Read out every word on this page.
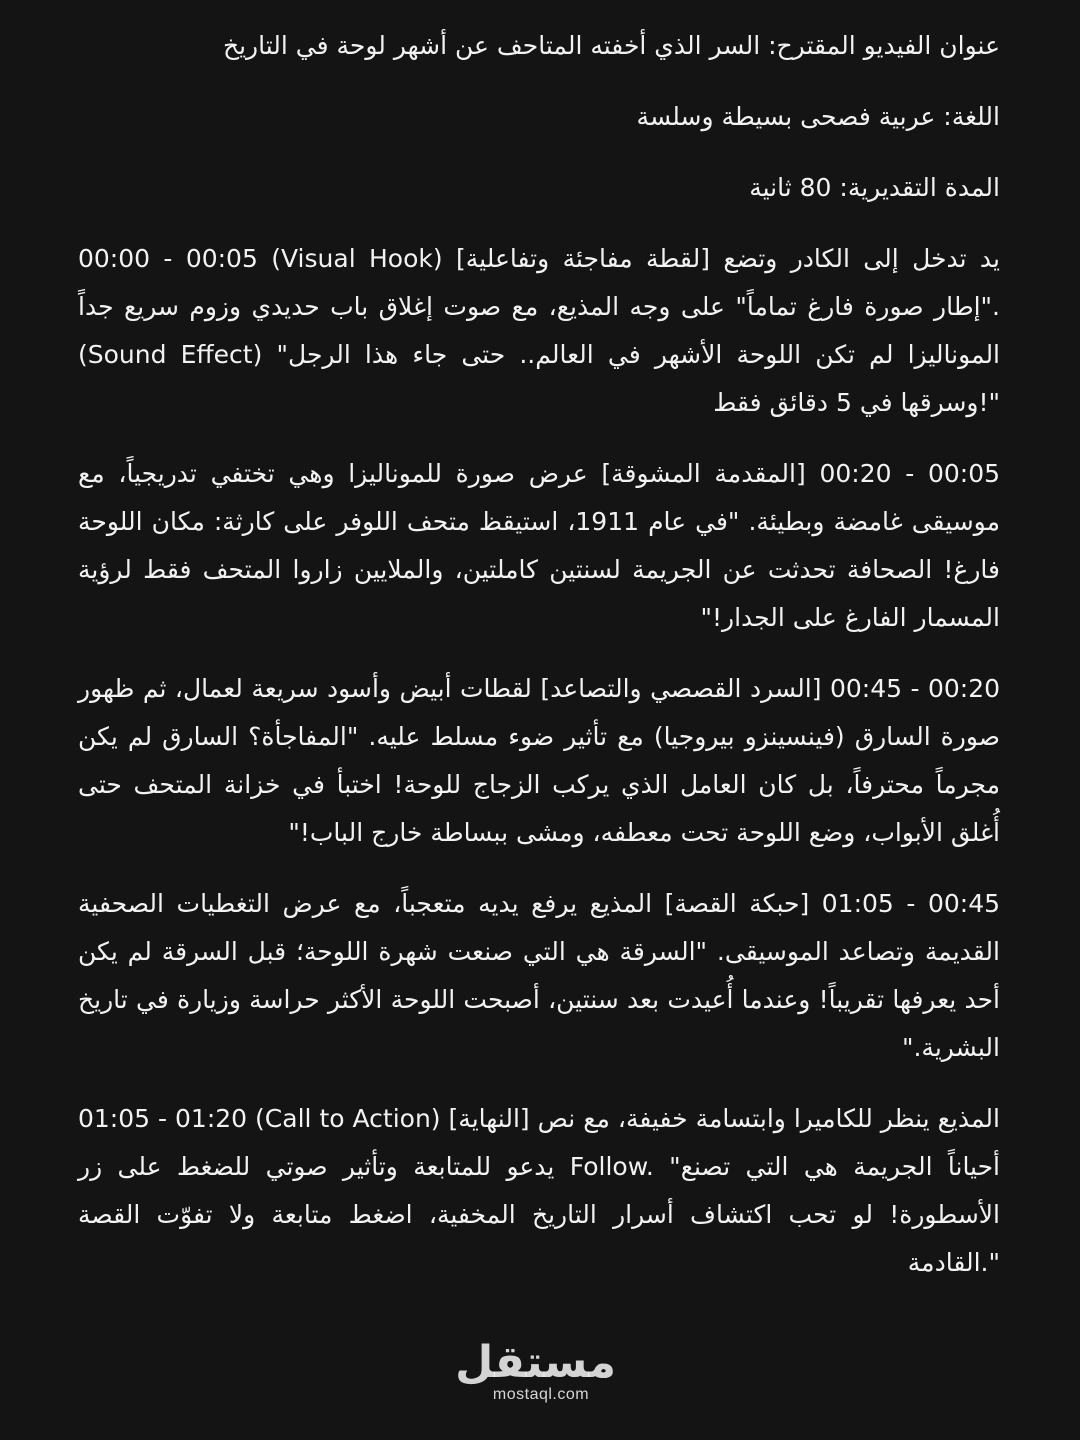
عنوان الفيديو المقترح: السر الذي أخفته المتاحف عن أشهر لوحة في التاريخ

اللغة: عربية فصحى بسيطة وسلسة

المدة التقديرية: 80 ثانية

00:00 - 00:05 (Visual Hook) [لقطة مفاجئة وتفاعلية] يد تدخل إلى الكادر وتضع "إطار صورة فارغ تماماً" على وجه المذيع، مع صوت إغلاق باب حديدي وزوم سريع جداً.(Sound Effect) "الموناليزا لم تكن اللوحة الأشهر في العالم.. حتى جاء هذا الرجل وسرقها في 5 دقائق فقط!"

00:05 - 00:20 [المقدمة المشوقة] عرض صورة للموناليزا وهي تختفي تدريجياً، مع موسيقى غامضة وبطيئة. "في عام 1911، استيقظ متحف اللوفر على كارثة: مكان اللوحة فارغ! الصحافة تحدثت عن الجريمة لسنتين كاملتين، والملايين زاروا المتحف فقط لرؤية المسمار الفارغ على الجدار!"

00:20 - 00:45 [السرد القصصي والتصاعد] لقطات أبيض وأسود سريعة لعمال، ثم ظهور صورة السارق (فينسينزو بيروجيا) مع تأثير ضوء مسلط عليه. "المفاجأة؟ السارق لم يكن مجرماً محترفاً، بل كان العامل الذي يركب الزجاج للوحة! اختبأ في خزانة المتحف حتى أُغلق الأبواب، وضع اللوحة تحت معطفه، ومشى ببساطة خارج الباب!"

00:45 - 01:05 [حبكة القصة] المذيع يرفع يديه متعجباً، مع عرض التغطيات الصحفية القديمة وتصاعد الموسيقى. "السرقة هي التي صنعت شهرة اللوحة؛ قبل السرقة لم يكن أحد يعرفها تقريباً! وعندما أُعيدت بعد سنتين، أصبحت اللوحة الأكثر حراسة وزيارة في تاريخ البشرية."

01:05 - 01:20 (Call to Action) [النهاية] المذيع ينظر للكاميرا وابتسامة خفيفة، مع نص يدعو للمتابعة وتأثير صوتي للضغط على زر Follow. "أحياناً الجريمة هي التي تصنع الأسطورة! لو تحب اكتشاف أسرار التاريخ المخفية، اضغط متابعة ولا تفوّت القصة القادمة."

مستقل
mostaql.com
